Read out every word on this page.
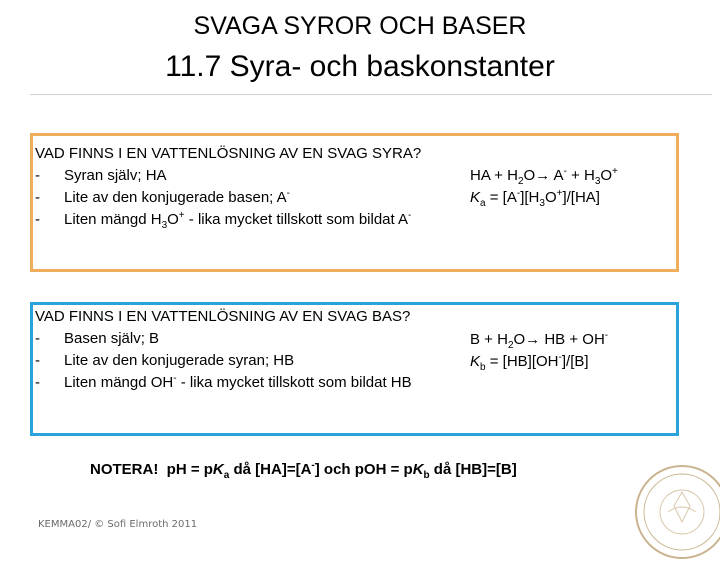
SVAGA SYROR OCH BASER
11.7 Syra- och baskonstanter
VAD FINNS I EN VATTENLÖSNING AV EN SVAG SYRA?
- Syran själv; HA
- Lite av den konjugerade basen; A-
- Liten mängd $H_3O^+$ - lika mycket tillskott som bildat A-
HA + $H_2O\to A^- + H_3O^+$
$K_a = [A^-][H_3O^+]/[HA]$
VAD FINNS I EN VATTENLÖSNING AV EN SVAG BAS?
- Basen själv; B
- Lite av den konjugerade syran; HB
- Liten mängd OH- - lika mycket tillskott som bildat HB
$B + H_2O\to$ HB + OH-
$K_b = [HB][OH^-]/[B]$
NOTERA!  pH = $pK_a$ då [HA]=[A-] och pOH = $pK_b$ då [HB]=[B]
KEMMA02/ © Sofi Elmroth 2011
